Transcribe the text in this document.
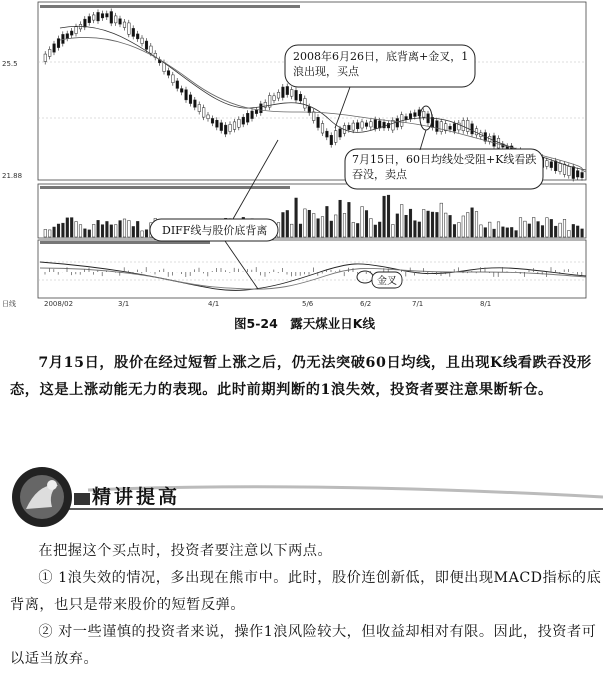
25.5
21.88
日线	2008/02	3/1	4/1	5/6	6/2	7/1	8/1
2008年6月26日，底背离+金叉，1浪出现，买点
7月15日，60日均线处受阻+K线看跌吞没，卖点
DIFF线与股价底背离
金叉
图5-24　露天煤业日K线
7月15日，股价在经过短暂上涨之后，仍无法突破60日均线，且出现K线看跌吞没形态，这是上涨动能无力的表现。此时前期判断的1浪失效，投资者要注意果断斩仓。
精讲提高
在把握这个买点时，投资者要注意以下两点。
① 1浪失效的情况，多出现在熊市中。此时，股价连创新低，即便出现MACD指标的底背离，也只是带来股价的短暂反弹。
② 对一些谨慎的投资者来说，操作1浪风险较大，但收益却相对有限。因此，投资者可以适当放弃。
